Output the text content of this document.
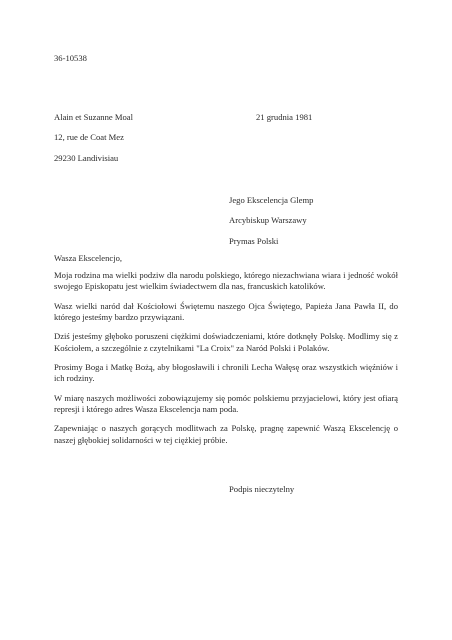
36-10538
Alain et Suzanne Moal
12, rue de Coat Mez
29230 Landivisiau
21 grudnia 1981
Jego Ekscelencja Glemp
Arcybiskup Warszawy
Prymas Polski
Wasza Ekscelencjo,

Moja rodzina ma wielki podziw dla narodu polskiego, którego niezachwiana wiara i jedność wokół swojego Episkopatu jest wielkim świadectwem dla nas, francuskich katolików.

Wasz wielki naród dał Kościołowi Świętemu naszego Ojca Świętego, Papieża Jana Pawła II, do którego jesteśmy bardzo przywiązani.

Dziś jesteśmy głęboko poruszeni ciężkimi doświadczeniami, które dotknęły Polskę. Modlimy się z Kościołem, a szczególnie z czytelnikami "La Croix" za Naród Polski i Polaków.

Prosimy Boga i Matkę Bożą, aby błogosławili i chronili Lecha Wałęsę oraz wszystkich więźniów i ich rodziny.

W miarę naszych możliwości zobowiązujemy się pomóc polskiemu przyjacielowi, który jest ofiarą represji i którego adres Wasza Ekscelencja nam poda.

Zapewniając o naszych gorących modlitwach za Polskę, pragnę zapewnić Waszą Ekscelencję o naszej głębokiej solidarności w tej ciężkiej próbie.

Podpis nieczytelny
